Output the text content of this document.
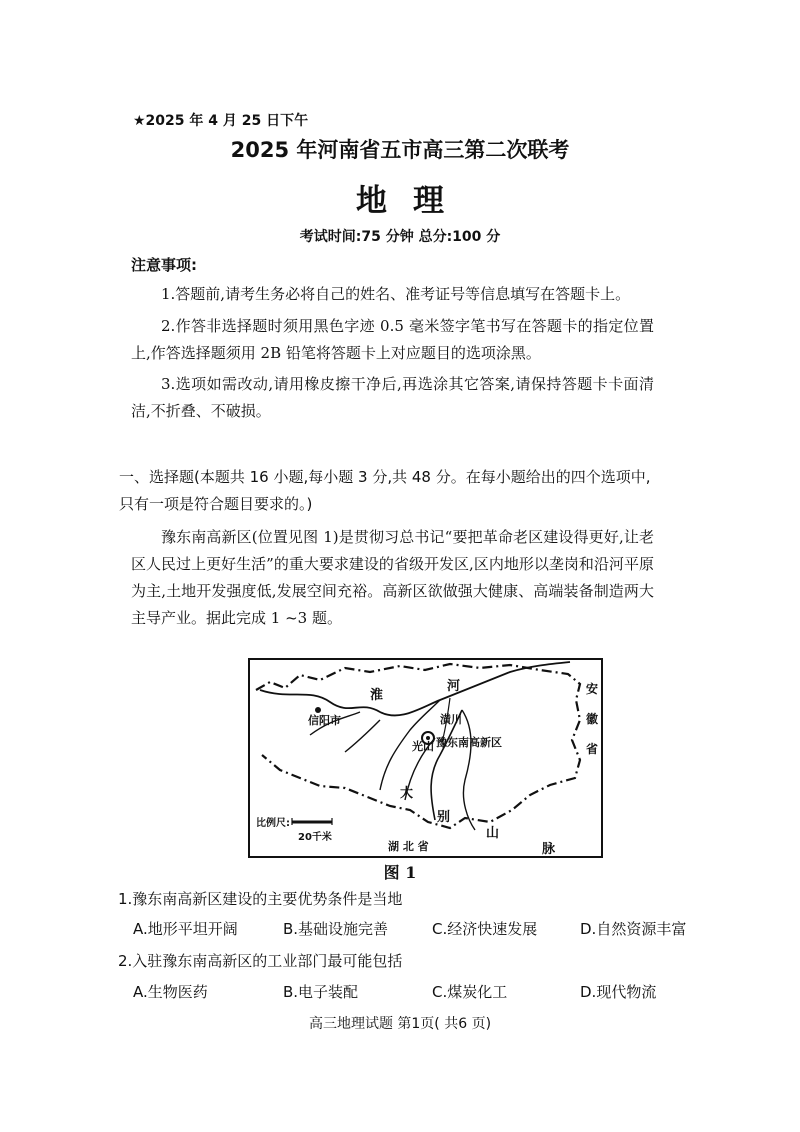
★2025 年 4 月 25 日下午
2025 年河南省五市高三第二次联考
地理
考试时间:75 分钟 总分:100 分
注意事项:
1.答题前,请考生务必将自己的姓名、准考证号等信息填写在答题卡上。
2.作答非选择题时须用黑色字迹 0.5 毫米签字笔书写在答题卡的指定位置上,作答选择题须用 2B 铅笔将答题卡上对应题目的选项涂黑。
3.选项如需改动,请用橡皮擦干净后,再选涂其它答案,请保持答题卡卡面清洁,不折叠、不破损。
一、选择题(本题共 16 小题,每小题 3 分,共 48 分。在每小题给出的四个选项中,只有一项是符合题目要求的。)
豫东南高新区(位置见图 1)是贯彻习总书记“要把革命老区建设得更好,让老区人民过上更好生活”的重大要求建设的省级开发区,区内地形以垄岗和沿河平原为主,土地开发强度低,发展空间充裕。高新区欲做强大健康、高端装备制造两大主导产业。据此完成 1 ~3 题。
淮
河
信阳市	潢川
光山 豫东南高新区
安
徽
省
大
别
山
脉
湖 北 省
比例尺:
20千米
图 1
1.豫东南高新区建设的主要优势条件是当地
A.地形平坦开阔	B.基础设施完善	C.经济快速发展	D.自然资源丰富
2.入驻豫东南高新区的工业部门最可能包括
A.生物医药	B.电子装配	C.煤炭化工	D.现代物流
高三地理试题 第1页( 共6 页)
